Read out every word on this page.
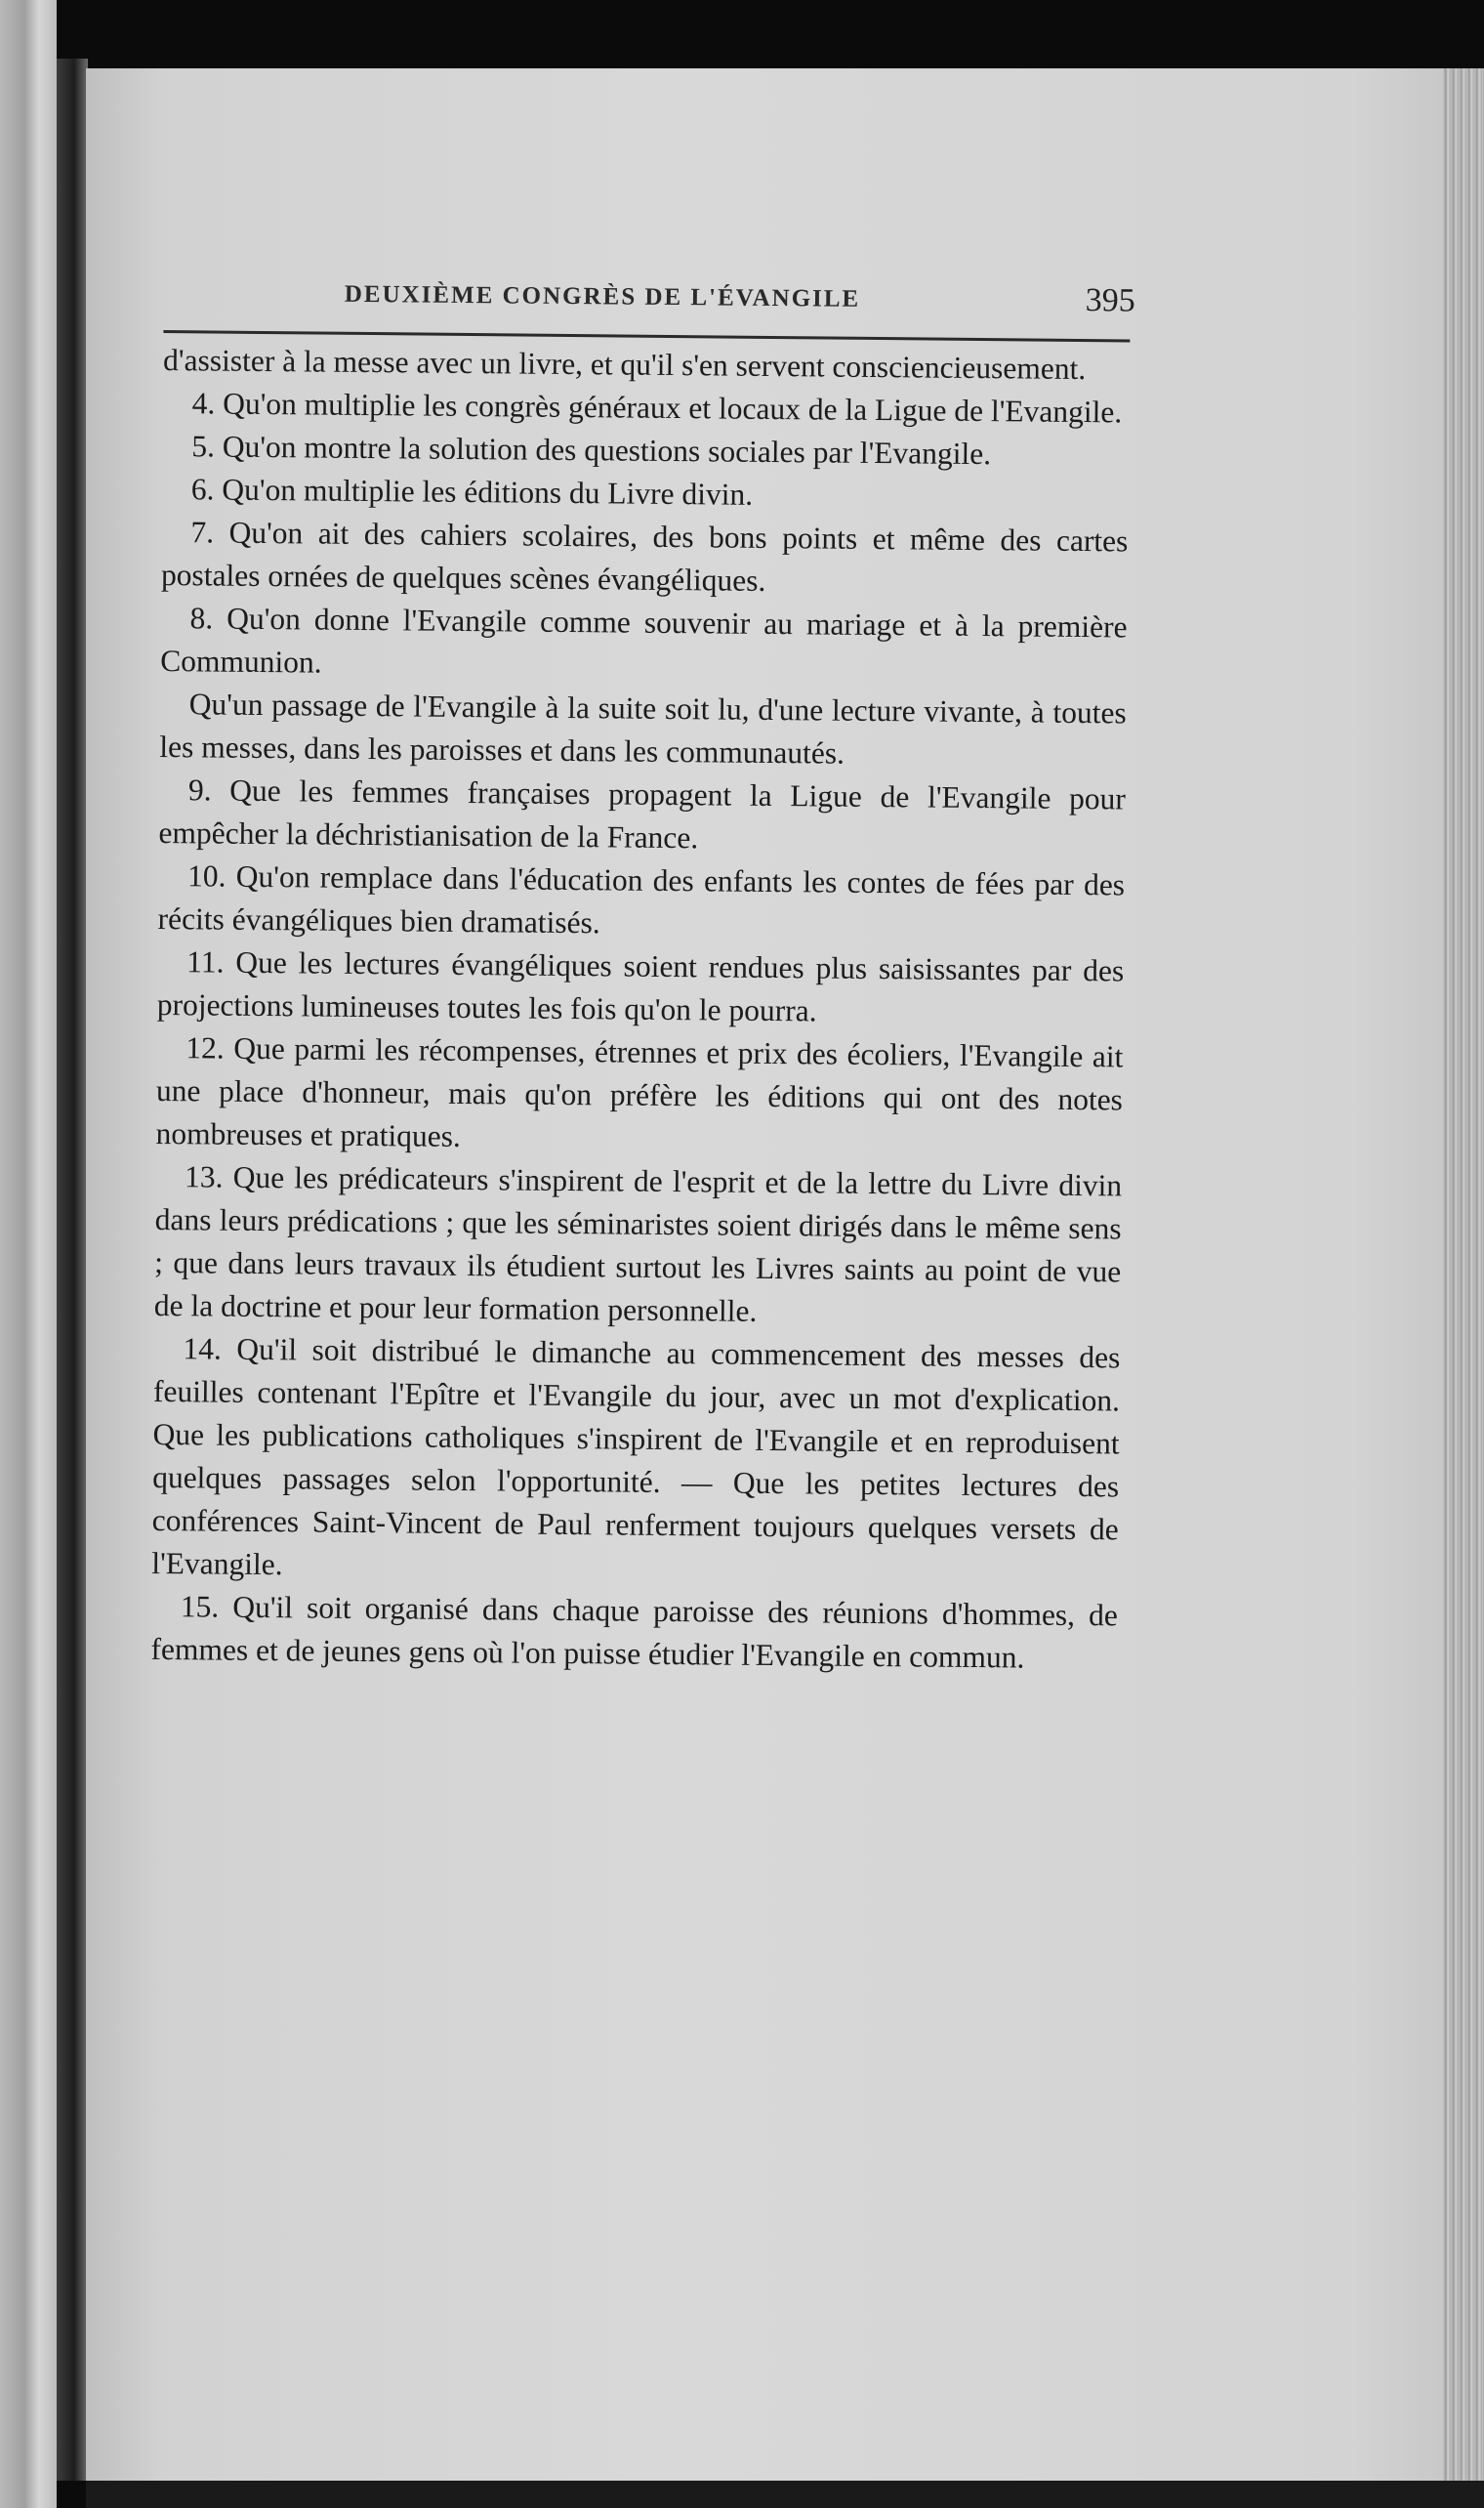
DEUXIÈME CONGRÈS DE L'ÉVANGILE	395

d'assister à la messe avec un livre, et qu'il s'en servent consciencieusement.

4. Qu'on multiplie les congrès généraux et locaux de la Ligue de l'Evangile.

5. Qu'on montre la solution des questions sociales par l'Evangile.

6. Qu'on multiplie les éditions du Livre divin.

7. Qu'on ait des cahiers scolaires, des bons points et même des cartes postales ornées de quelques scènes évangéliques.

8. Qu'on donne l'Evangile comme souvenir au mariage et à la première Communion.

Qu'un passage de l'Evangile à la suite soit lu, d'une lecture vivante, à toutes les messes, dans les paroisses et dans les communautés.

9. Que les femmes françaises propagent la Ligue de l'Evangile pour empêcher la déchristianisation de la France.

10. Qu'on remplace dans l'éducation des enfants les contes de fées par des récits évangéliques bien dramatisés.

11. Que les lectures évangéliques soient rendues plus saisissantes par des projections lumineuses toutes les fois qu'on le pourra.

12. Que parmi les récompenses, étrennes et prix des écoliers, l'Evangile ait une place d'honneur, mais qu'on préfère les éditions qui ont des notes nombreuses et pratiques.

13. Que les prédicateurs s'inspirent de l'esprit et de la lettre du Livre divin dans leurs prédications ; que les séminaristes soient dirigés dans le même sens ; que dans leurs travaux ils étudient surtout les Livres saints au point de vue de la doctrine et pour leur formation personnelle.

14. Qu'il soit distribué le dimanche au commencement des messes des feuilles contenant l'Epître et l'Evangile du jour, avec un mot d'explication. Que les publications catholiques s'inspirent de l'Evangile et en reproduisent quelques passages selon l'opportunité. — Que les petites lectures des conférences Saint-Vincent de Paul renferment toujours quelques versets de l'Evangile.

15. Qu'il soit organisé dans chaque paroisse des réunions d'hommes, de femmes et de jeunes gens où l'on puisse étudier l'Evangile en commun.
